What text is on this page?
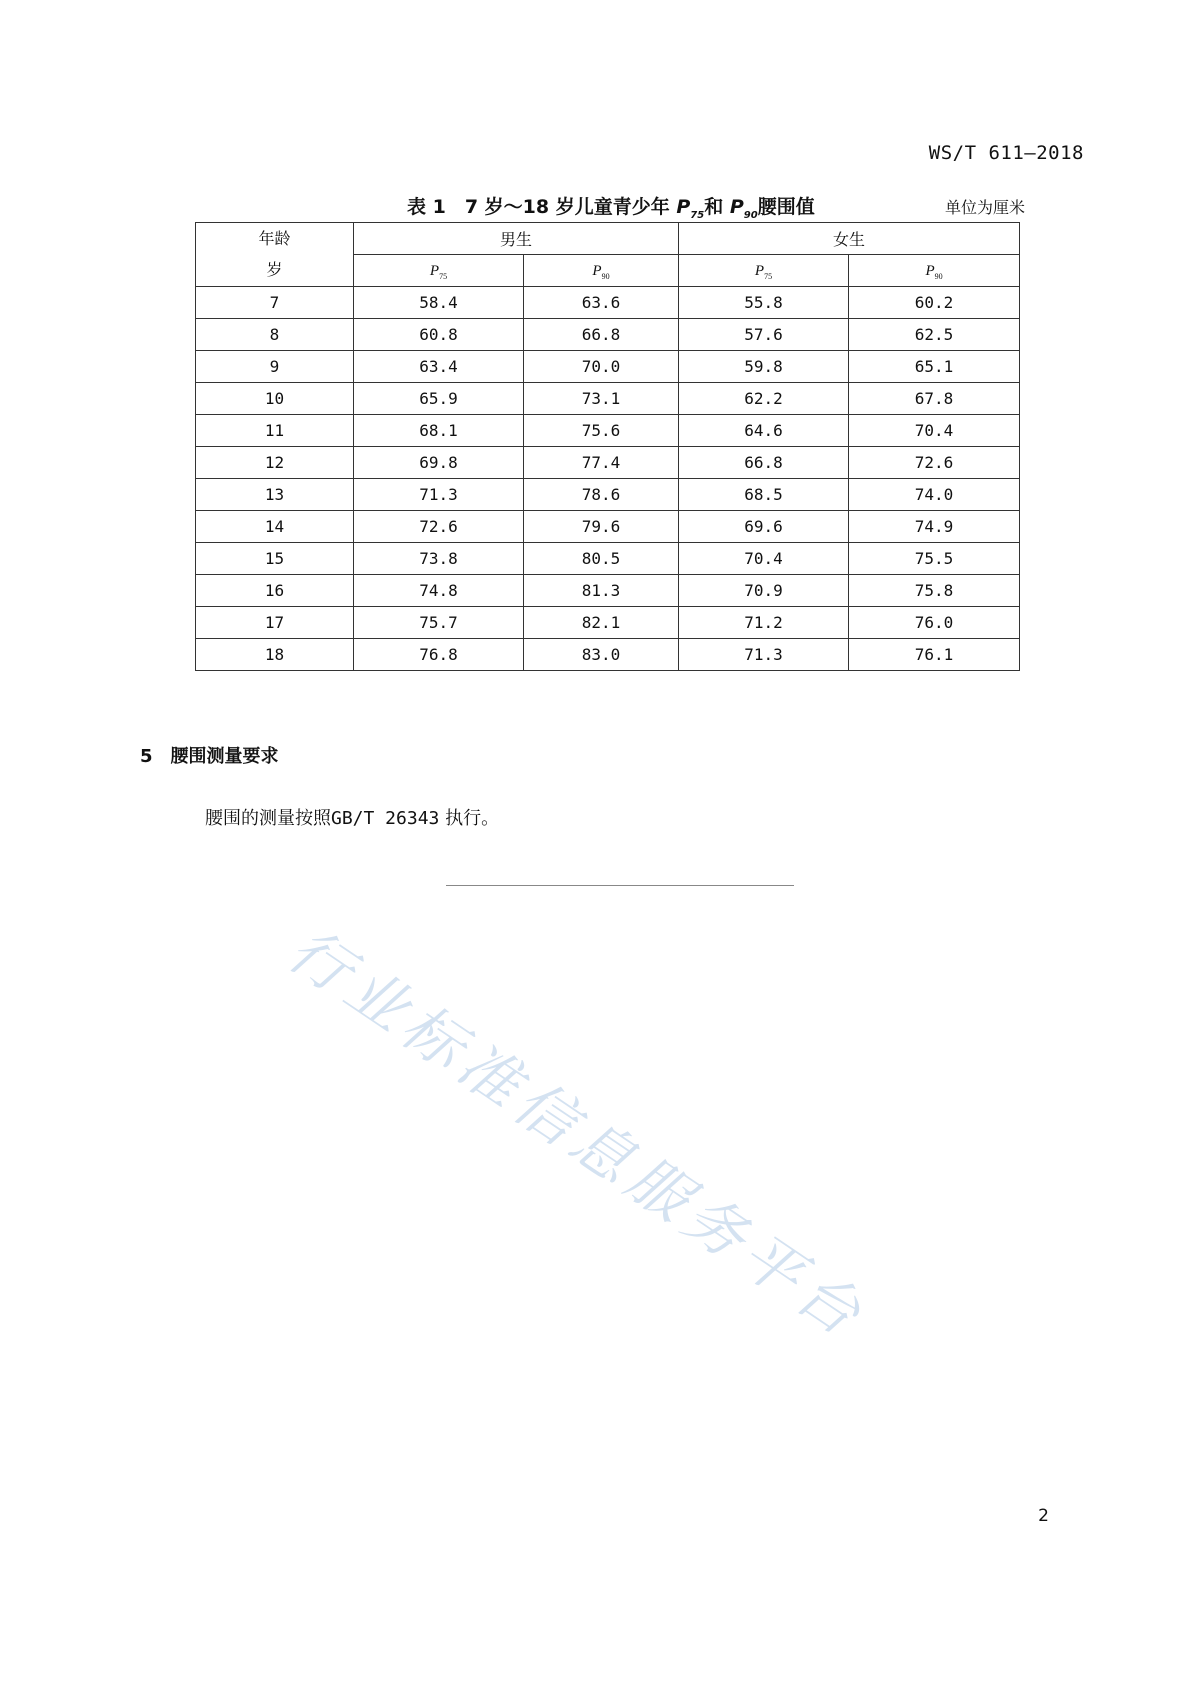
WS/T 611—2018
表 1　7 岁～18 岁儿童青少年 $P_{75}$和 $P_{90}$腰围值	单位为厘米
年龄
岁	男生		女生	
	$P_{75}$	$P_{90}$	$P_{75}$	$P_{90}$
7	58.4	63.6	55.8	60.2
8	60.8	66.8	57.6	62.5
9	63.4	70.0	59.8	65.1
10	65.9	73.1	62.2	67.8
11	68.1	75.6	64.6	70.4
12	69.8	77.4	66.8	72.6
13	71.3	78.6	68.5	74.0
14	72.6	79.6	69.6	74.9
15	73.8	80.5	70.4	75.5
16	74.8	81.3	70.9	75.8
17	75.7	82.1	71.2	76.0
18	76.8	83.0	71.3	76.1
5 腰围测量要求
腰围的测量按照GB/T 26343 执行。
行业标准信息服务平台
2
